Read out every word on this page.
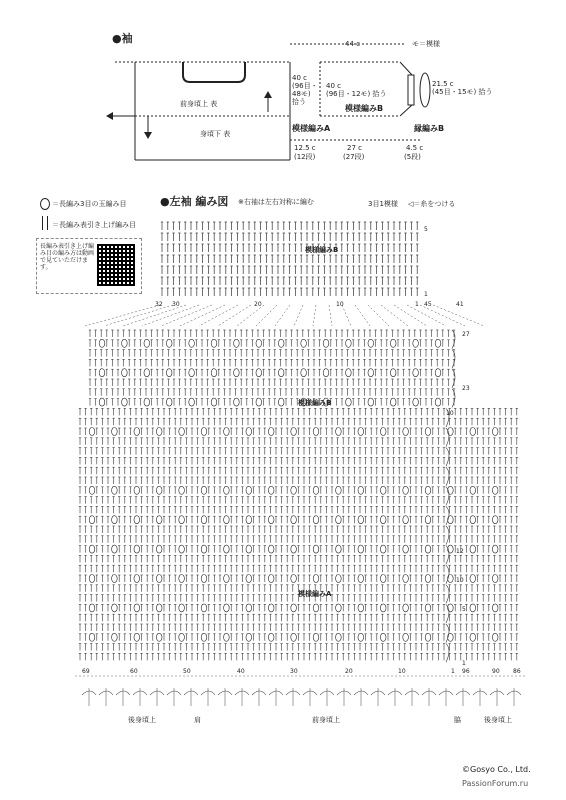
●袖	44 c	モ＝模様
前身頃上 表
身頃下 表
40 c
(96目・
48モ)
拾う
40 c
(96目・12モ) 拾う
模様編みB
模様編みA
21.5 c
(45目・15モ) 拾う
縁編みB
12.5 c
(12段)
27 c
(27段)
4.5 c
(5段)
＝長編み3目の玉編み目
＝長編み表引き上げ編み目
長編み表引き上げ編み目の編み方は動画で見ていただけます。
●左袖 編み図 ※右袖は左右対称に編む	3目1模様 ◁＝糸をつける
模様編みB
模様編みB
模様編みA
32 30	20	10	1 45	41
5
1
27
23
10
12
10
5
1
69	60	50	40	30	20	10	1 96	90 86
後身頃上	肩	前身頃上	脇	後身頃上
©Gosyo Co., Ltd.
PassionForum.ru
